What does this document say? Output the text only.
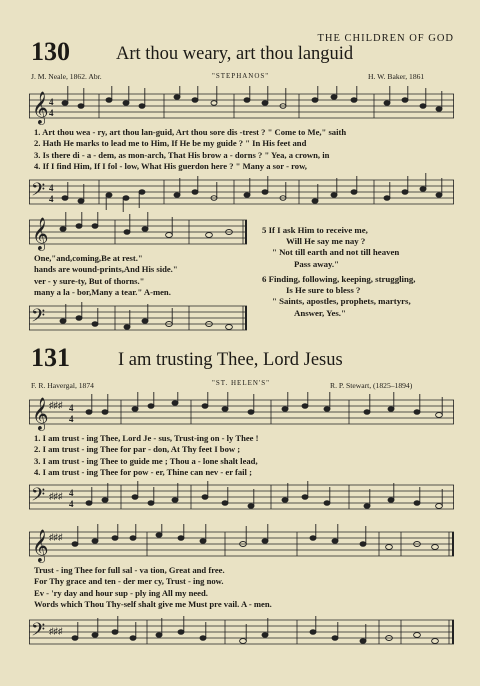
THE CHILDREN OF GOD
130 Art thou weary, art thou languid
J. M. Neale, 1862. Abr.	"STEPHANOS"	H. W. Baker, 1861
𝄞 4
4
1. Art thou wea - ry, art thou lan-guid, Art thou sore dis -trest ? " Come to Me," saith
2. Hath He marks to lead me to Him, If He be my guide ? " In His feet and
3. Is there di - a - dem, as mon-arch, That His brow a - dorns ? " Yea, a crown, in
4. If I find Him, If I fol - low, What His guerdon here ? " Many a sor - row,
𝄢 4
4
𝄞
One,"and,coming,Be at rest."
hands are wound-prints,And His side."
ver - y sure-ty, But of thorns."
many a la - bor,Many a tear." A-men.
𝄢
5 If I ask Him to receive me,
Will He say me nay ?
" Not till earth and not till heaven
Pass away."
6 Finding, following, keeping, struggling,
Is He sure to bless ?
" Saints, apostles, prophets, martyrs,
Answer, Yes."
131	I am trusting Thee, Lord Jesus
F. R. Havergal, 1874	"ST. HELEN'S"	R. P. Stewart, (1825–1894)
𝄞 ♯♯♯ 4
4
1. I am trust - ing Thee, Lord Je - sus, Trust-ing on - ly Thee !
2. I am trust - ing Thee for par - don, At Thy feet I bow ;
3. I am trust - ing Thee to guide me ; Thou a - lone shalt lead,
4. I am trust - ing Thee for pow - er, Thine can nev - er fail ;
𝄢 ♯♯♯ 4
4
𝄞 ♯♯♯
Trust - ing Thee for full sal - va tion, Great and free.
For Thy grace and ten - der mer cy, Trust - ing now.
Ev - 'ry day and hour sup - ply ing All my need.
Words which Thou Thy-self shalt give me Must pre vail. A - men.
𝄢 ♯♯♯
